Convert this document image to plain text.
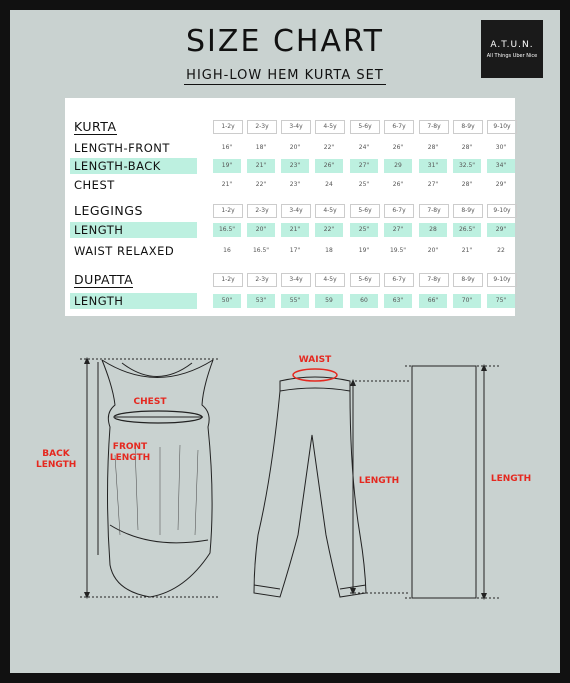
SIZE CHART
HIGH-LOW HEM KURTA SET
A.T.U.N.
All Things Uber Nice
KURTA	1-2y	2-3y	3-4y	4-5y	5-6y	6-7y	7-8y	8-9y	9-10y
LENGTH-FRONT	16"	18"	20"	22"	24"	26"	28"	28"	30"
LENGTH-BACK	19"	21"	23"	26"	27"	29	31"	32.5"	34"
CHEST	21"	22"	23"	24	25"	26"	27"	28"	29"
LEGGINGS	1-2y	2-3y	3-4y	4-5y	5-6y	6-7y	7-8y	8-9y	9-10y
LENGTH	16.5"	20"	21"	22"	25"	27"	28	26.5"	29"
WAIST RELAXED	16	16.5"	17"	18	19"	19.5"	20"	21"	22
DUPATTA	1-2y	2-3y	3-4y	4-5y	5-6y	6-7y	7-8y	8-9y	9-10y
LENGTH	50"	53"	55"	59	60	63"	66"	70"	75"
BACK
LENGTH
CHEST
FRONT
LENGTH
WAIST
LENGTH	LENGTH
